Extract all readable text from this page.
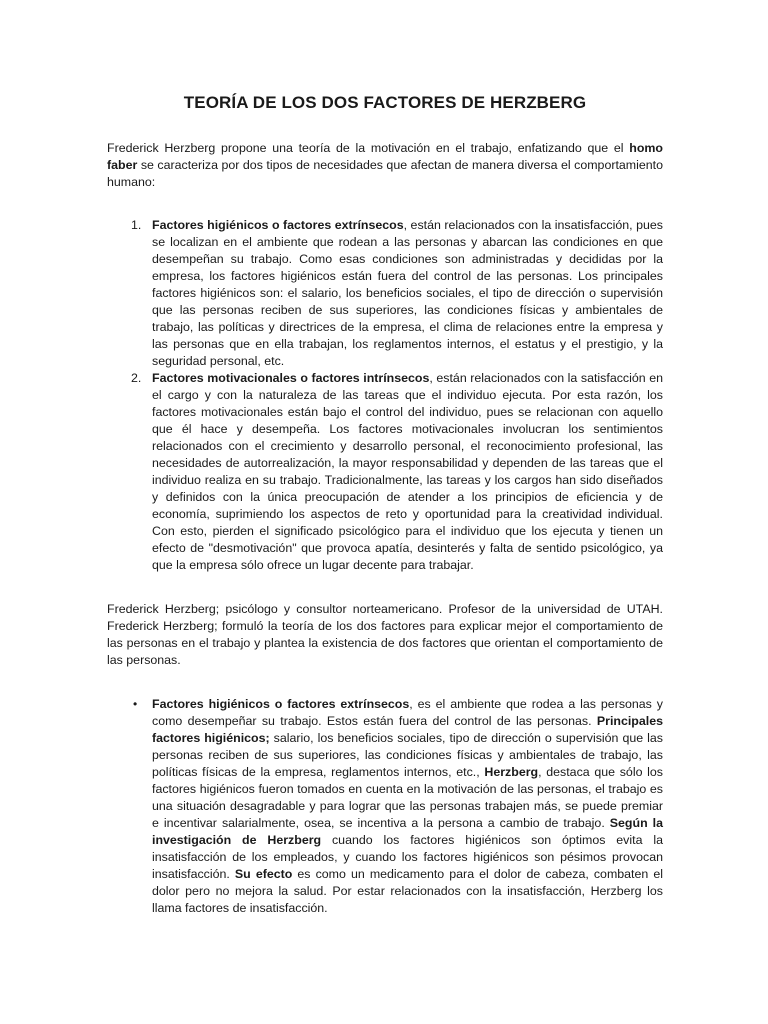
TEORÍA DE LOS DOS FACTORES DE HERZBERG

Frederick Herzberg propone una teoría de la motivación en el trabajo, enfatizando que el homo faber se caracteriza por dos tipos de necesidades que afectan de manera diversa el comportamiento humano:

1. Factores higiénicos o factores extrínsecos, están relacionados con la insatisfacción, pues se localizan en el ambiente que rodean a las personas y abarcan las condiciones en que desempeñan su trabajo. Como esas condiciones son administradas y decididas por la empresa, los factores higiénicos están fuera del control de las personas. Los principales factores higiénicos son: el salario, los beneficios sociales, el tipo de dirección o supervisión que las personas reciben de sus superiores, las condiciones físicas y ambientales de trabajo, las políticas y directrices de la empresa, el clima de relaciones entre la empresa y las personas que en ella trabajan, los reglamentos internos, el estatus y el prestigio, y la seguridad personal, etc.
2. Factores motivacionales o factores intrínsecos, están relacionados con la satisfacción en el cargo y con la naturaleza de las tareas que el individuo ejecuta. Por esta razón, los factores motivacionales están bajo el control del individuo, pues se relacionan con aquello que él hace y desempeña. Los factores motivacionales involucran los sentimientos relacionados con el crecimiento y desarrollo personal, el reconocimiento profesional, las necesidades de autorrealización, la mayor responsabilidad y dependen de las tareas que el individuo realiza en su trabajo. Tradicionalmente, las tareas y los cargos han sido diseñados y definidos con la única preocupación de atender a los principios de eficiencia y de economía, suprimiendo los aspectos de reto y oportunidad para la creatividad individual. Con esto, pierden el significado psicológico para el individuo que los ejecuta y tienen un efecto de "desmotivación" que provoca apatía, desinterés y falta de sentido psicológico, ya que la empresa sólo ofrece un lugar decente para trabajar.

Frederick Herzberg; psicólogo y consultor norteamericano. Profesor de la universidad de UTAH. Frederick Herzberg; formuló la teoría de los dos factores para explicar mejor el comportamiento de las personas en el trabajo y plantea la existencia de dos factores que orientan el comportamiento de las personas.

• Factores higiénicos o factores extrínsecos, es el ambiente que rodea a las personas y como desempeñar su trabajo. Estos están fuera del control de las personas. Principales factores higiénicos; salario, los beneficios sociales, tipo de dirección o supervisión que las personas reciben de sus superiores, las condiciones físicas y ambientales de trabajo, las políticas físicas de la empresa, reglamentos internos, etc., Herzberg, destaca que sólo los factores higiénicos fueron tomados en cuenta en la motivación de las personas, el trabajo es una situación desagradable y para lograr que las personas trabajen más, se puede premiar e incentivar salarialmente, osea, se incentiva a la persona a cambio de trabajo. Según la investigación de Herzberg cuando los factores higiénicos son óptimos evita la insatisfacción de los empleados, y cuando los factores higiénicos son pésimos provocan insatisfacción. Su efecto es como un medicamento para el dolor de cabeza, combaten el dolor pero no mejora la salud. Por estar relacionados con la insatisfacción, Herzberg los llama factores de insatisfacción.
